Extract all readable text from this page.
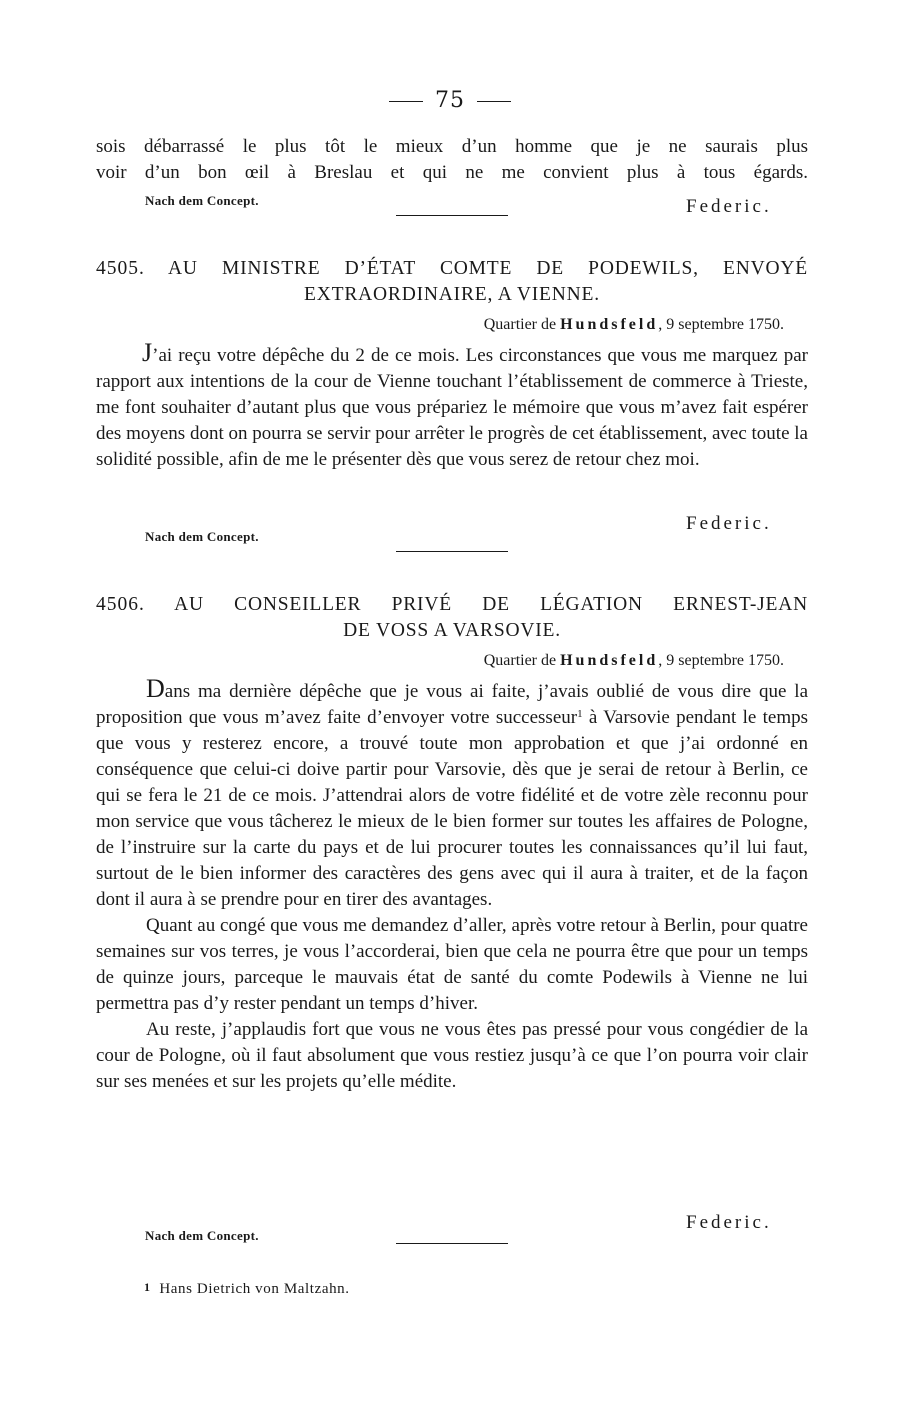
75

sois débarrassé le plus tôt le mieux d’un homme que je ne saurais plus

voir d’un bon œil à Breslau et qui ne me convient plus à tous égards.

Nach dem Concept.	Federic.
4505. AU MINISTRE D’ÉTAT COMTE DE PODEWILS, ENVOYÉ
EXTRAORDINAIRE, A VIENNE.
Quartier de Hundsfeld, 9 septembre 1750.

J’ai reçu votre dépêche du 2 de ce mois. Les circonstances que vous me marquez par rapport aux intentions de la cour de Vienne touchant l’établissement de commerce à Trieste, me font souhaiter d’autant plus que vous prépariez le mémoire que vous m’avez fait espérer des moyens dont on pourra se servir pour arrêter le progrès de cet établissement, avec toute la solidité possible, afin de me le présenter dès que vous serez de retour chez moi.

Nach dem Concept.
Federic.
4506. AU CONSEILLER PRIVÉ DE LÉGATION ERNEST-JEAN
DE VOSS A VARSOVIE.
Quartier de Hundsfeld, 9 septembre 1750.

Dans ma dernière dépêche que je vous ai faite, j’avais oublié de vous dire que la proposition que vous m’avez faite d’envoyer votre successeur$^1$ à Varsovie pendant le temps que vous y resterez encore, a trouvé toute mon approbation et que j’ai ordonné en conséquence que celui-ci doive partir pour Varsovie, dès que je serai de retour à Berlin, ce qui se fera le 21 de ce mois. J’attendrai alors de votre fidélité et de votre zèle reconnu pour mon service que vous tâcherez le mieux de le bien former sur toutes les affaires de Pologne, de l’instruire sur la carte du pays et de lui procurer toutes les connaissances qu’il lui faut, surtout de le bien informer des caractères des gens avec qui il aura à traiter, et de la façon dont il aura à se prendre pour en tirer des avantages.

Quant au congé que vous me demandez d’aller, après votre retour à Berlin, pour quatre semaines sur vos terres, je vous l’accorderai, bien que cela ne pourra être que pour un temps de quinze jours, parceque le mauvais état de santé du comte Podewils à Vienne ne lui permettra pas d’y rester pendant un temps d’hiver.

Au reste, j’applaudis fort que vous ne vous êtes pas pressé pour vous congédier de la cour de Pologne, où il faut absolument que vous restiez jusqu’à ce que l’on pourra voir clair sur ses menées et sur les projets qu’elle médite.

Nach dem Concept.
Federic.
1 Hans Dietrich von Maltzahn.
